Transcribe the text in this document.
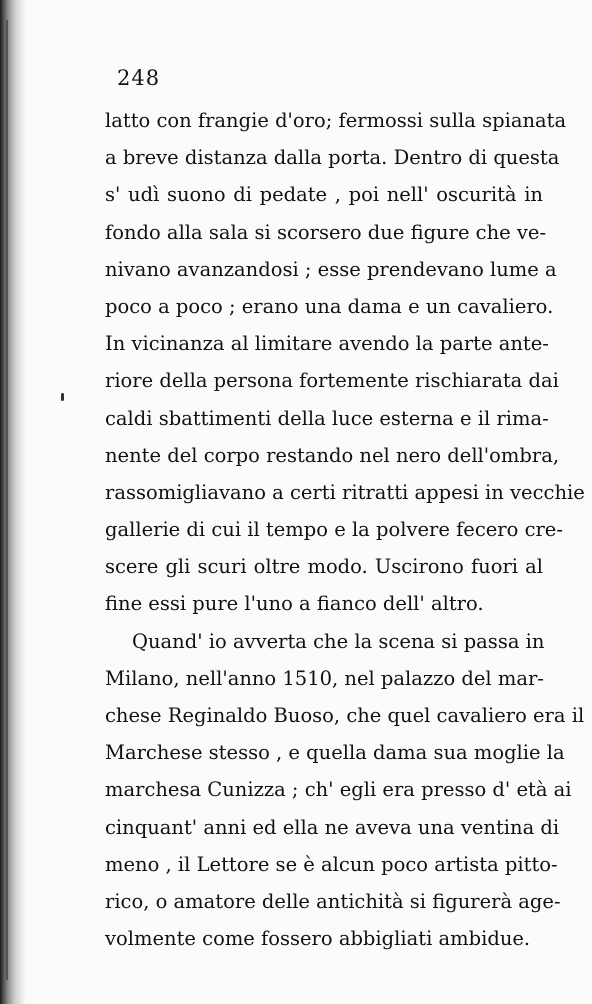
248
latto con frangie d'oro; fermossi sulla spianata
a breve distanza dalla porta. Dentro di questa
s' udì suono di pedate , poi nell' oscurità in
fondo alla sala si scorsero due figure che ve-
nivano avanzandosi ; esse prendevano lume a
poco a poco ; erano una dama e un cavaliero.
In vicinanza al limitare avendo la parte ante-
riore della persona fortemente rischiarata dai
caldi sbattimenti della luce esterna e il rima-
nente del corpo restando nel nero dell'ombra,
rassomigliavano a certi ritratti appesi in vecchie
gallerie di cui il tempo e la polvere fecero cre-
scere gli scuri oltre modo. Uscirono fuori al
fine essi pure l'uno a fianco dell' altro.
Quand' io avverta che la scena si passa in
Milano, nell'anno 1510, nel palazzo del mar-
chese Reginaldo Buoso, che quel cavaliero era il
Marchese stesso , e quella dama sua moglie la
marchesa Cunizza ; ch' egli era presso d' età ai
cinquant' anni ed ella ne aveva una ventina di
meno , il Lettore se è alcun poco artista pitto-
rico, o amatore delle antichità si figurerà age-
volmente come fossero abbigliati ambidue.
